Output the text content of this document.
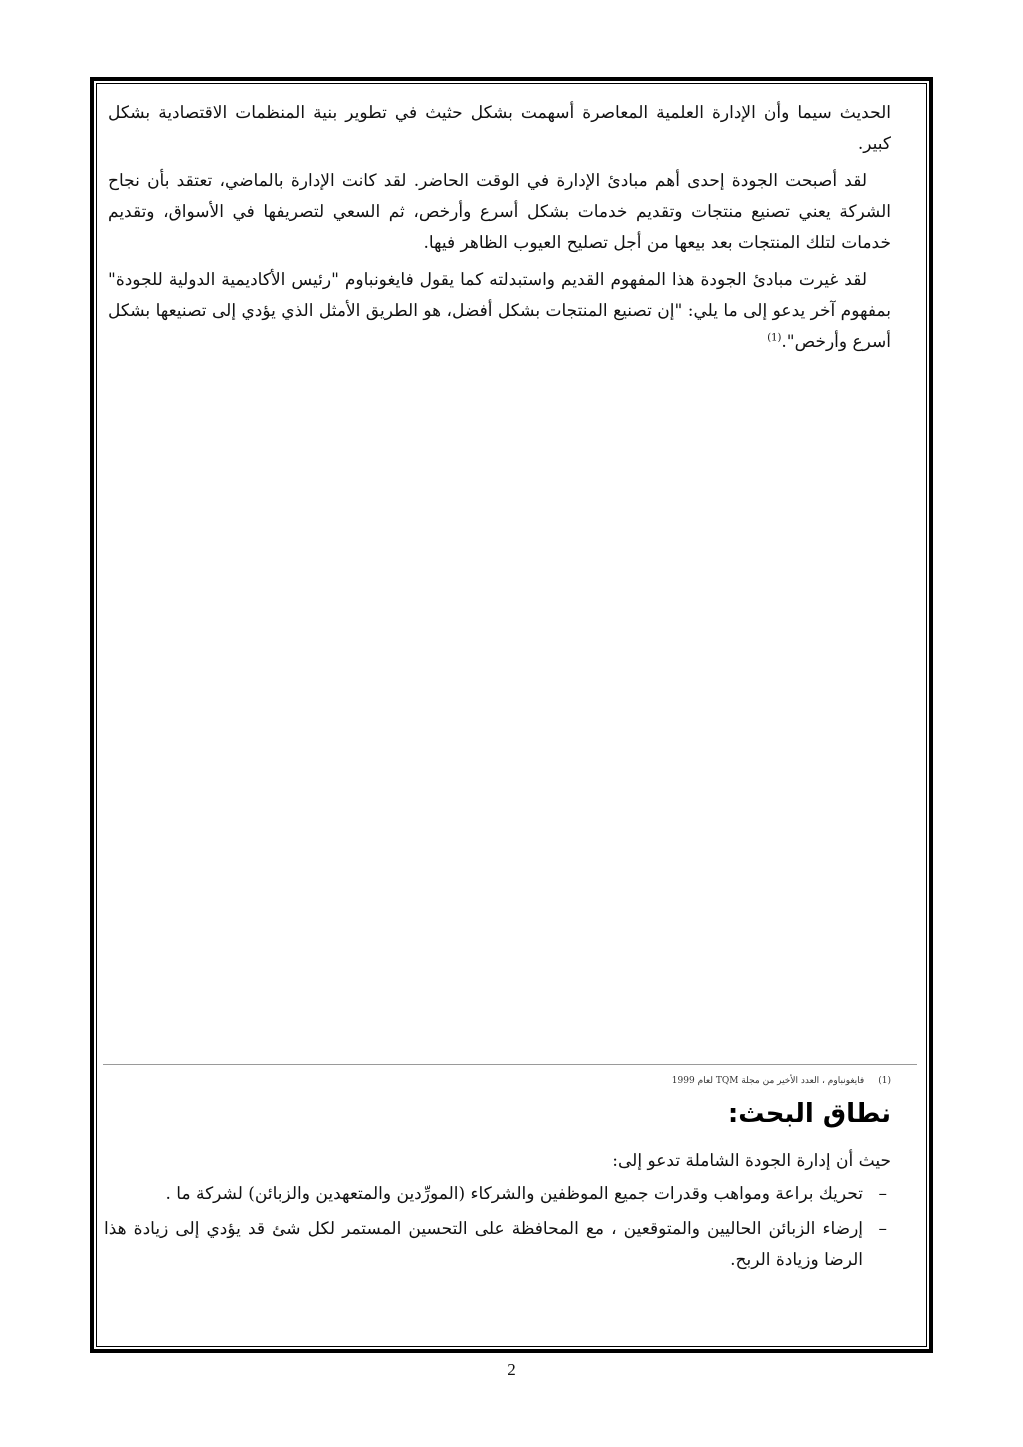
الحديث سيما وأن الإدارة العلمية المعاصرة أسهمت بشكل حثيث في تطوير بنية المنظمات الاقتصادية بشكل كبير.

لقد أصبحت الجودة إحدى أهم مبادئ الإدارة في الوقت الحاضر. لقد كانت الإدارة بالماضي، تعتقد بأن نجاح الشركة يعني تصنيع منتجات وتقديم خدمات بشكل أسرع وأرخص، ثم السعي لتصريفها في الأسواق، وتقديم خدمات لتلك المنتجات بعد بيعها من أجل تصليح العيوب الظاهر فيها.

لقد غيرت مبادئ الجودة هذا المفهوم القديم واستبدلته كما يقول فايغونباوم "رئيس الأكاديمية الدولية للجودة" بمفهوم آخر يدعو إلى ما يلي: "إن تصنيع المنتجات بشكل أفضل، هو الطريق الأمثل الذي يؤدي إلى تصنيعها بشكل أسرع وأرخص".$^{(1)}$

(1)فايغونباوم ، العدد الأخير من مجلة TQM لعام 1999
نطاق البحث:

حيث أن إدارة الجودة الشاملة تدعو إلى:

–
تحريك براعة ومواهب وقدرات جميع الموظفين والشركاء (المورِّدين والمتعهدين والزبائن) لشركة ما .
–
إرضاء الزبائن الحاليين والمتوقعين ، مع المحافظة على التحسين المستمر لكل شئ قد يؤدي إلى زيادة هذا الرضا وزيادة الربح.
2
